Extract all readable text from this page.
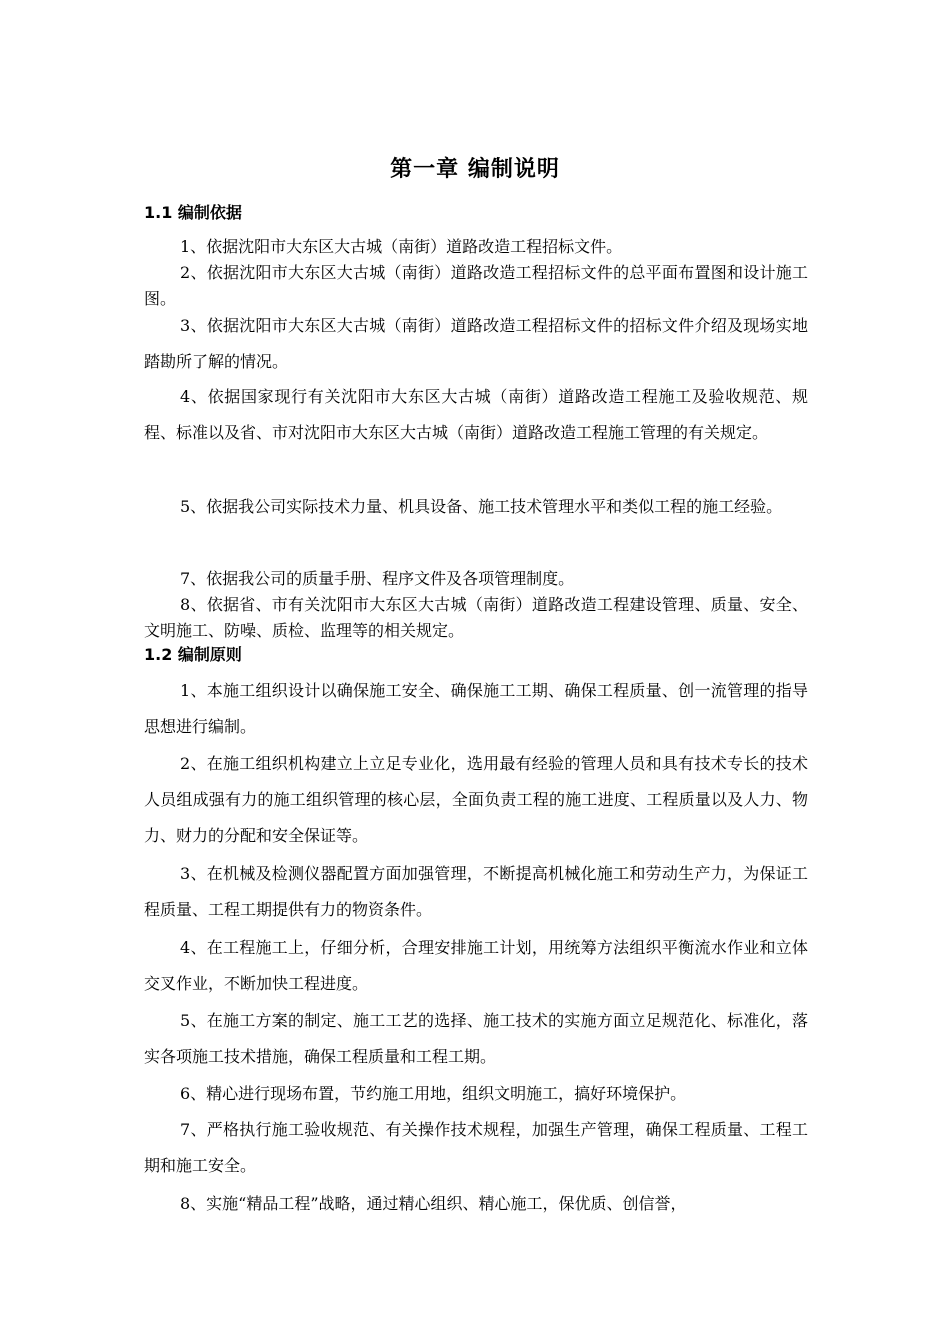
第一章 编制说明
1.1 编制依据
1、依据沈阳市大东区大古城（南街）道路改造工程招标文件。
2、依据沈阳市大东区大古城（南街）道路改造工程招标文件的总平面布置图和设计施工图。
3、依据沈阳市大东区大古城（南街）道路改造工程招标文件的招标文件介绍及现场实地踏勘所了解的情况。
4、依据国家现行有关沈阳市大东区大古城（南街）道路改造工程施工及验收规范、规程、标准以及省、市对沈阳市大东区大古城（南街）道路改造工程施工管理的有关规定。
5、依据我公司实际技术力量、机具设备、施工技术管理水平和类似工程的施工经验。
7、依据我公司的质量手册、程序文件及各项管理制度。
8、依据省、市有关沈阳市大东区大古城（南街）道路改造工程建设管理、质量、安全、文明施工、防噪、质检、监理等的相关规定。
1.2 编制原则
1、本施工组织设计以确保施工安全、确保施工工期、确保工程质量、创一流管理的指导思想进行编制。
2、在施工组织机构建立上立足专业化，选用最有经验的管理人员和具有技术专长的技术人员组成强有力的施工组织管理的核心层，全面负责工程的施工进度、工程质量以及人力、物力、财力的分配和安全保证等。
3、在机械及检测仪器配置方面加强管理，不断提高机械化施工和劳动生产力，为保证工程质量、工程工期提供有力的物资条件。
4、在工程施工上，仔细分析，合理安排施工计划，用统筹方法组织平衡流水作业和立体交叉作业，不断加快工程进度。
5、在施工方案的制定、施工工艺的选择、施工技术的实施方面立足规范化、标准化，落实各项施工技术措施，确保工程质量和工程工期。
6、精心进行现场布置，节约施工用地，组织文明施工，搞好环境保护。
7、严格执行施工验收规范、有关操作技术规程，加强生产管理，确保工程质量、工程工期和施工安全。
8、实施“精品工程”战略，通过精心组织、精心施工，保优质、创信誉，
